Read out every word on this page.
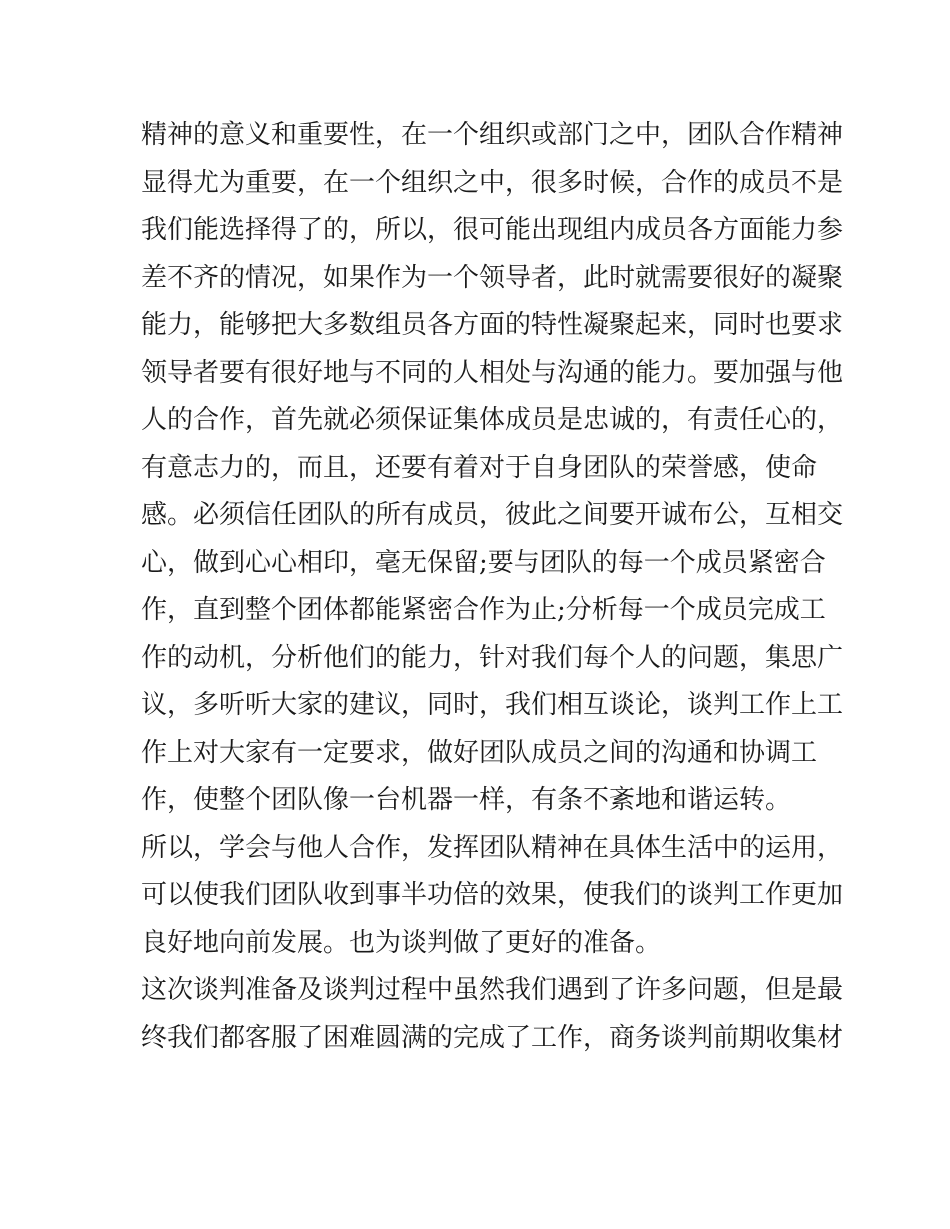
精神的意义和重要性，在一个组织或部门之中，团队合作精神
显得尤为重要，在一个组织之中，很多时候，合作的成员不是
我们能选择得了的，所以，很可能出现组内成员各方面能力参
差不齐的情况，如果作为一个领导者，此时就需要很好的凝聚
能力，能够把大多数组员各方面的特性凝聚起来，同时也要求
领导者要有很好地与不同的人相处与沟通的能力。要加强与他
人的合作，首先就必须保证集体成员是忠诚的，有责任心的，
有意志力的，而且，还要有着对于自身团队的荣誉感，使命
感。必须信任团队的所有成员，彼此之间要开诚布公，互相交
心，做到心心相印，毫无保留;要与团队的每一个成员紧密合
作，直到整个团体都能紧密合作为止;分析每一个成员完成工
作的动机，分析他们的能力，针对我们每个人的问题，集思广
议，多听听大家的建议，同时，我们相互谈论，谈判工作上工
作上对大家有一定要求，做好团队成员之间的沟通和协调工
作，使整个团队像一台机器一样，有条不紊地和谐运转。
所以，学会与他人合作，发挥团队精神在具体生活中的运用，
可以使我们团队收到事半功倍的效果，使我们的谈判工作更加
良好地向前发展。也为谈判做了更好的准备。
这次谈判准备及谈判过程中虽然我们遇到了许多问题，但是最
终我们都客服了困难圆满的完成了工作，商务谈判前期收集材
